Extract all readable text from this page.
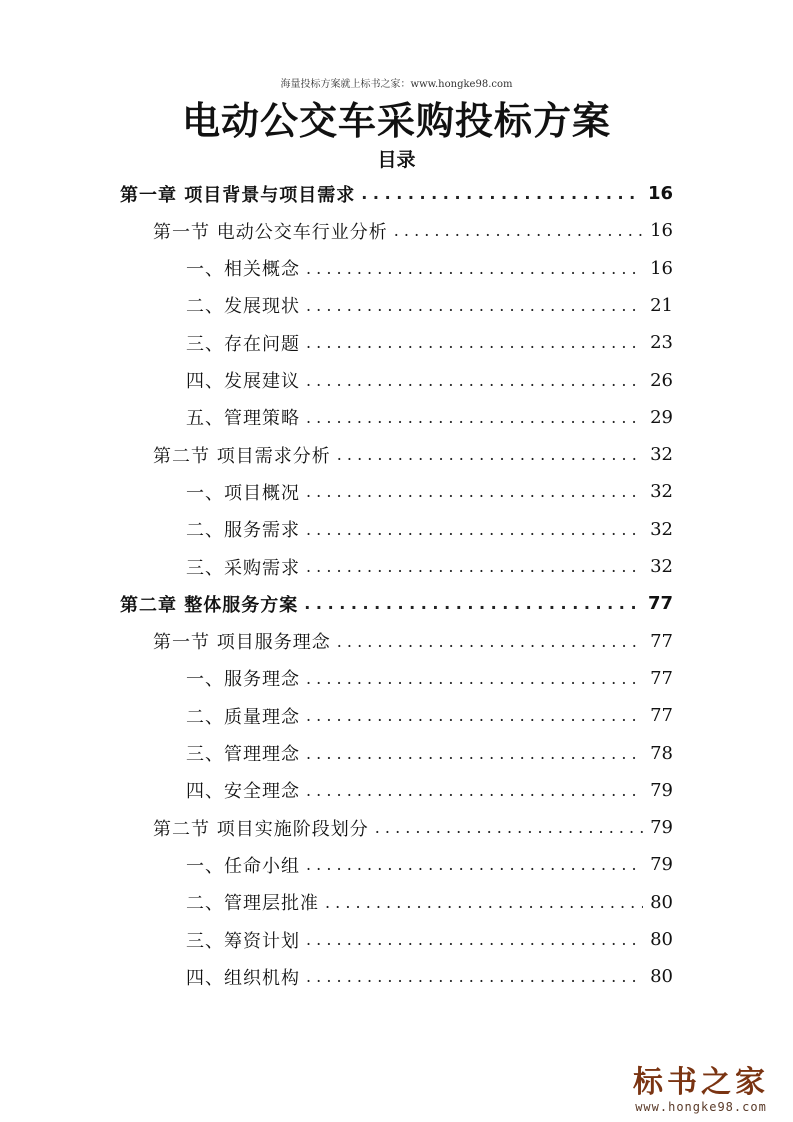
海量投标方案就上标书之家：www.hongke98.com
电动公交车采购投标方案
目录
第一章 项目背景与项目需求 . . .	16
第一节 电动公交车行业分析 . . .	16
一、相关概念 . . .	16
二、发展现状 . . .	21
三、存在问题 . . .	23
四、发展建议 . . .	26
五、管理策略 . . .	29
第二节 项目需求分析 . . .	32
一、项目概况 . . .	32
二、服务需求 . . .	32
三、采购需求 . . .	32
第二章 整体服务方案 . . .	77
第一节 项目服务理念 . . .	77
一、服务理念 . . .	77
二、质量理念 . . .	77
三、管理理念 . . .	78
四、安全理念 . . .	79
第二节 项目实施阶段划分 . . .	79
一、任命小组 . . .	79
二、管理层批准 . . .	80
三、筹资计划 . . .	80
四、组织机构 . . .	80
标书之家
www.hongke98.com
